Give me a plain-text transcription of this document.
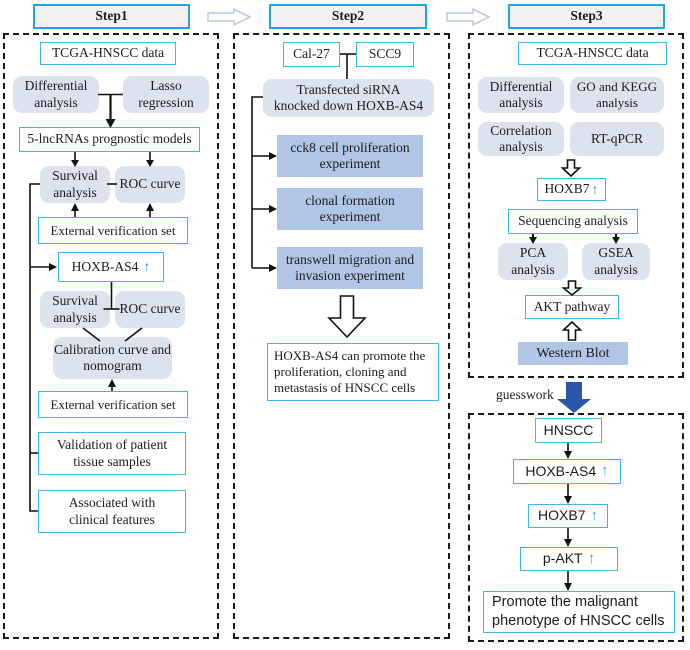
Step1	Step2	Step3
TCGA-HNSCC data
Differential analysis
Lasso regression
5-lncRNAs prognostic models
Survival analysis
ROC curve
External verification set
HOXB-AS4 ↑
Survival analysis
ROC curve
Calibration curve and nomogram
External verification set
Validation of patient tissue samples
Associated with clinical features
Cal-27	SCC9
Transfected siRNA knocked down HOXB-AS4
cck8 cell proliferation experiment
clonal formation experiment
transwell migration and invasion experiment
HOXB-AS4 can promote the proliferation, cloning and metastasis of HNSCC cells
TCGA-HNSCC data
Differential analysis
GO and KEGG analysis
Correlation analysis
RT-qPCR
HOXB7 ↑
Sequencing analysis
PCA analysis
GSEA analysis
AKT pathway
Western Blot
guesswork
HNSCC
HOXB-AS4 ↑
HOXB7 ↑
p-AKT ↑
Promote the malignant phenotype of HNSCC cells
